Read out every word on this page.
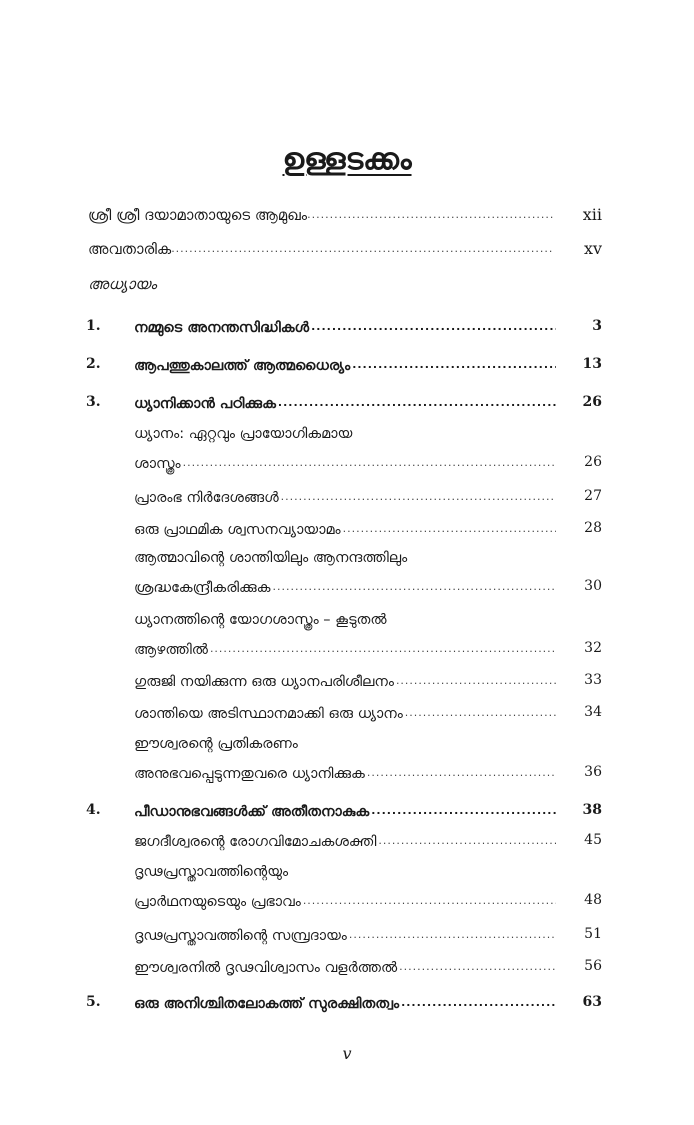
ഉള്ളടക്കം
ശ്രീ ശ്രീ ദയാമാതായുടെ ആമുഖം .....	xii
അവതാരിക .....	xv

അധ്യായം

1. നമ്മുടെ അനന്തസിദ്ധികൾ .....	3
2. ആപത്തുകാലത്ത് ആത്മധൈര്യം .....	13
3. ധ്യാനിക്കാൻ പഠിക്കുക .....	26
ധ്യാനം: ഏറ്റവും പ്രായോഗികമായ
ശാസ്ത്രം .....	26
പ്രാരംഭ നിർദേശങ്ങൾ .....	27
ഒരു പ്രാഥമിക ശ്വസനവ്യായാമം .....	28
ആത്മാവിന്റെ ശാന്തിയിലും ആനന്ദത്തിലും
ശ്രദ്ധകേന്ദ്രീകരിക്കുക .....	30
ധ്യാനത്തിന്റെ യോഗശാസ്ത്രം – കൂടുതൽ
ആഴത്തിൽ .....	32
ഗുരുജി നയിക്കുന്ന ഒരു ധ്യാനപരിശീലനം .....	33
ശാന്തിയെ അടിസ്ഥാനമാക്കി ഒരു ധ്യാനം .....	34
ഈശ്വരന്റെ പ്രതികരണം
അനുഭവപ്പെടുന്നതുവരെ ധ്യാനിക്കുക .....	36
4. പീഡാനുഭവങ്ങൾക്ക് അതീതനാകുക .....	38
ജഗദീശ്വരന്റെ രോഗവിമോചകശക്തി .....	45
ദൃഢപ്രസ്താവത്തിന്റെയും
പ്രാർഥനയുടെയും പ്രഭാവം .....	48
ദൃഢപ്രസ്താവത്തിന്റെ സമ്പ്രദായം .....	51
ഈശ്വരനിൽ ദൃഢവിശ്വാസം വളർത്തൽ .....	56
5. ഒരു അനിശ്ചിതലോകത്ത് സുരക്ഷിതത്വം .....	63
v
